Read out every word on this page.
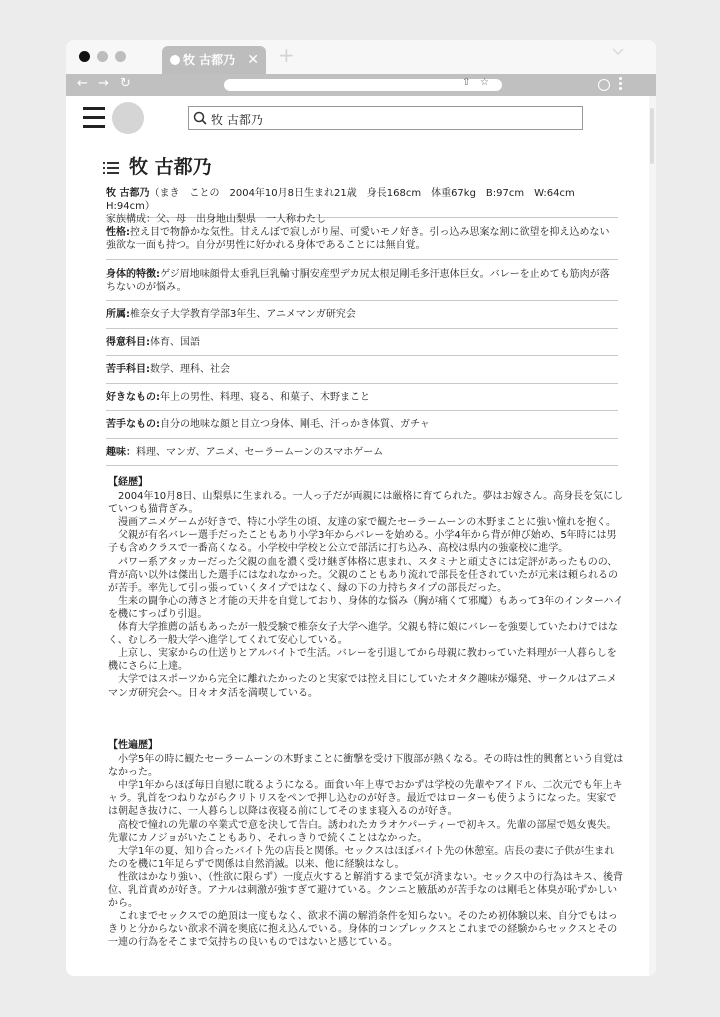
牧 古都乃 ✕ +
← → ↻	⇧ ☆
牧 古都乃
牧 古都乃
牧 古都乃（まき　ことの　2004年10月8日生まれ21歳　身長168cm　体重67kg　B:97cm　W:64cm　H:94cm）
家族構成：父、母　出身地山梨県　一人称わたし
性格:控え目で物静かな気性。甘えんぼで寂しがり屋、可愛いモノ好き。引っ込み思案な割に欲望を抑え込めない強欲な一面も持つ。自分が男性に好かれる身体であることには無自覚。
身体的特徴:ゲジ眉地味顔骨太垂乳巨乳輪寸胴安産型デカ尻太根足剛毛多汗恵体巨女。バレーを止めても筋肉が落ちないのが悩み。
所属:椎奈女子大学教育学部3年生、アニメマンガ研究会
得意科目:体育、国語
苦手科目:数学、理科、社会
好きなもの:年上の男性、料理、寝る、和菓子、木野まこと
苦手なもの:自分の地味な顔と目立つ身体、剛毛、汗っかき体質、ガチャ
趣味：料理、マンガ、アニメ、セーラームーンのスマホゲーム
【経歴】

2004年10月8日、山梨県に生まれる。一人っ子だが両親には厳格に育てられた。夢はお嫁さん。高身長を気にしていつも猫背ぎみ。

漫画アニメゲームが好きで、特に小学生の頃、友達の家で観たセーラームーンの木野まことに強い憧れを抱く。

父親が有名バレー選手だったこともあり小学3年からバレーを始める。小学4年から背が伸び始め、5年時には男子も含めクラスで一番高くなる。小学校中学校と公立で部活に打ち込み、高校は県内の強豪校に進学。

パワー系アタッカーだった父親の血を濃く受け継ぎ体格に恵まれ、スタミナと頑丈さには定評があったものの、背が高い以外は傑出した選手にはなれなかった。父親のこともあり流れで部長を任されていたが元来は頼られるのが苦手。率先して引っ張っていくタイプではなく、縁の下の力持ちタイプの部長だった。

生来の闘争心の薄さと才能の天井を自覚しており、身体的な悩み（胸が痛くて邪魔）もあって3年のインターハイを機にすっぱり引退。

体育大学推薦の話もあったが一般受験で椎奈女子大学へ進学。父親も特に娘にバレーを強要していたわけではなく、むしろ一般大学へ進学してくれて安心している。

上京し、実家からの仕送りとアルバイトで生活。バレーを引退してから母親に教わっていた料理が一人暮らしを機にさらに上達。

大学ではスポーツから完全に離れたかったのと実家では控え目にしていたオタク趣味が爆発、サークルはアニメマンガ研究会へ。日々オタ活を満喫している。

【性遍歴】

小学5年の時に観たセーラームーンの木野まことに衝撃を受け下腹部が熱くなる。その時は性的興奮という自覚はなかった。

中学1年からほぼ毎日自慰に耽るようになる。面食い年上専でおかずは学校の先輩やアイドル、二次元でも年上キャラ。乳首をつねりながらクリトリスをペンで押し込むのが好き。最近ではローターも使うようになった。実家では朝起き抜けに、一人暮らし以降は夜寝る前にしてそのまま寝入るのが好き。

高校で憧れの先輩の卒業式で意を決して告白。誘われたカラオケパーティーで初キス。先輩の部屋で処女喪失。先輩にカノジョがいたこともあり、それっきりで続くことはなかった。

大学1年の夏、知り合ったバイト先の店長と関係。セックスはほぼバイト先の休憩室。店長の妻に子供が生まれたのを機に1年足らずで関係は自然消滅。以来、他に経験はなし。

性欲はかなり強い、（性欲に限らず）一度点火すると解消するまで気が済まない。セックス中の行為はキス、後背位、乳首責めが好き。アナルは刺激が強すぎて避けている。クンニと腋舐めが苦手なのは剛毛と体臭が恥ずかしいから。

これまでセックスでの絶頂は一度もなく、欲求不満の解消条件を知らない。そのため初体験以来、自分でもはっきりと分からない欲求不満を奥底に抱え込んでいる。身体的コンプレックスとこれまでの経験からセックスとその一連の行為をそこまで気持ちの良いものではないと感じている。
